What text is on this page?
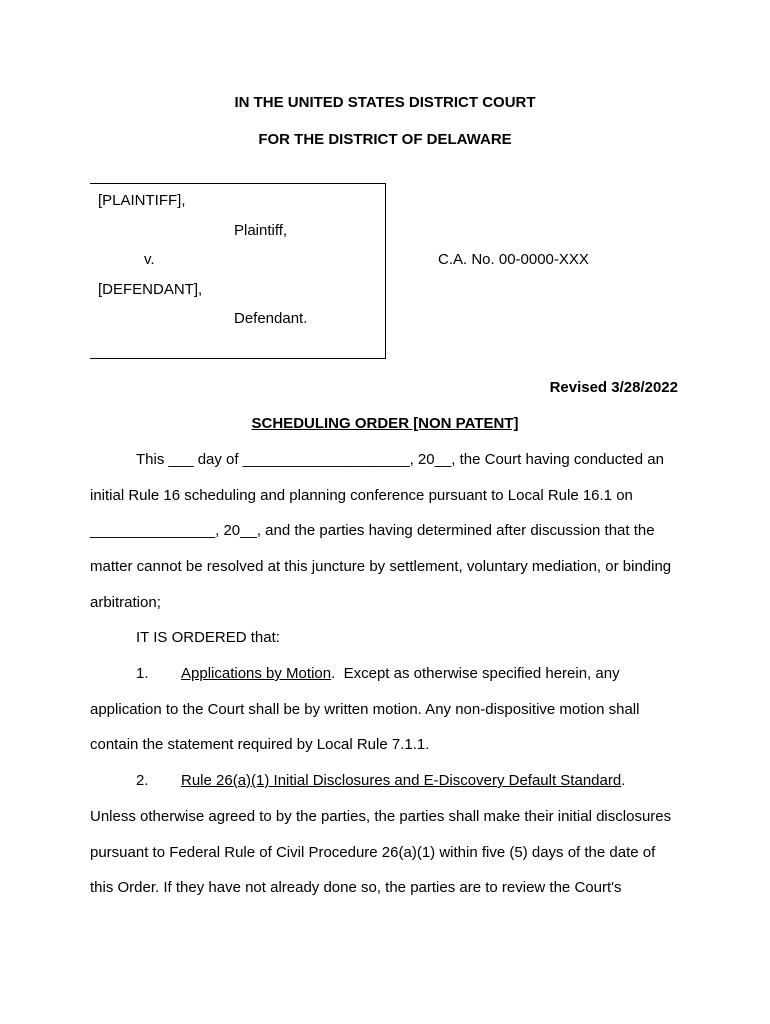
IN THE UNITED STATES DISTRICT COURT
FOR THE DISTRICT OF DELAWARE
[PLAINTIFF],
Plaintiff,
v.
[DEFENDANT],
Defendant.
C.A. No. 00-0000-XXX
Revised 3/28/2022
SCHEDULING ORDER [NON PATENT]
This ___ day of ____________________, 20__, the Court having conducted an
initial Rule 16 scheduling and planning conference pursuant to Local Rule 16.1 on
_______________, 20__, and the parties having determined after discussion that the
matter cannot be resolved at this juncture by settlement, voluntary mediation, or binding
arbitration;
IT IS ORDERED that:
1. Applications by Motion.  Except as otherwise specified herein, any
application to the Court shall be by written motion. Any non-dispositive motion shall
contain the statement required by Local Rule 7.1.1.
2. Rule 26(a)(1) Initial Disclosures and E-Discovery Default Standard.
Unless otherwise agreed to by the parties, the parties shall make their initial disclosures
pursuant to Federal Rule of Civil Procedure 26(a)(1) within five (5) days of the date of
this Order. If they have not already done so, the parties are to review the Court's
